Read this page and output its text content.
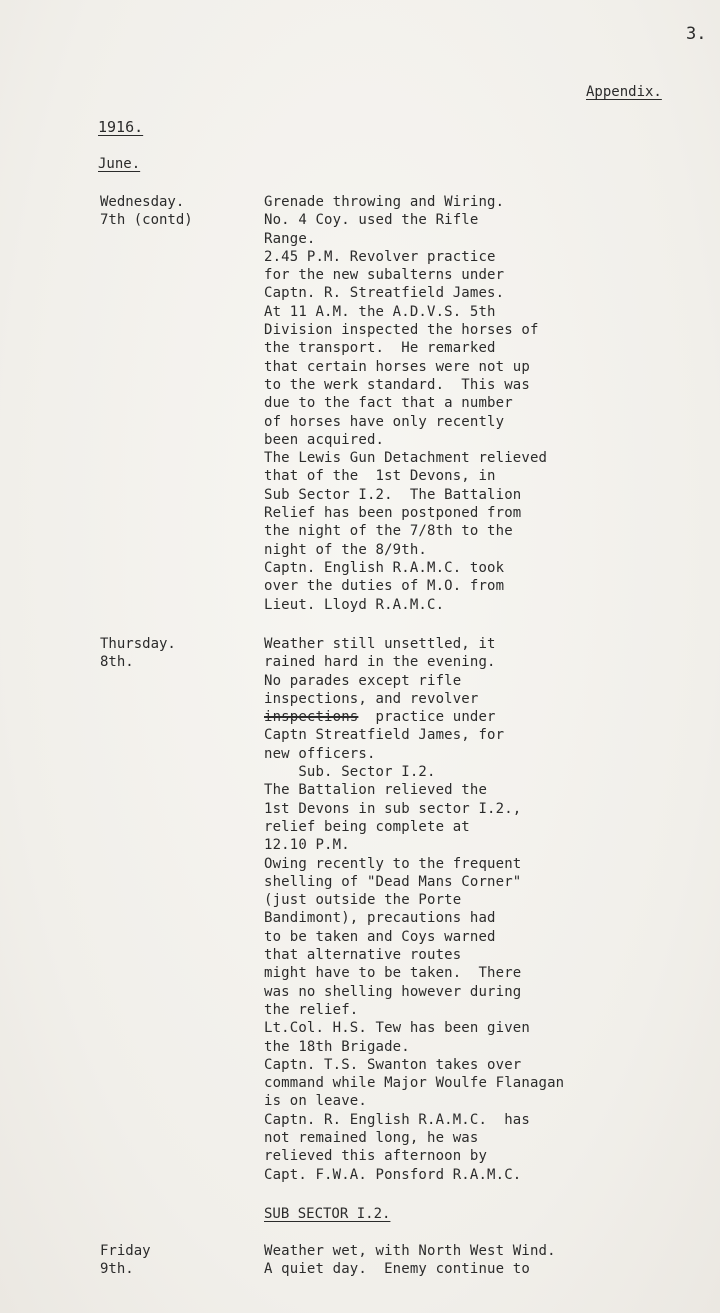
3.
Appendix.
1916.
June.
Wednesday.
7th (contd)
Grenade throwing and Wiring.
No. 4 Coy. used the Rifle
Range.
2.45 P.M. Revolver practice
for the new subalterns under
Captn. R. Streatfield James.
At 11 A.M. the A.D.V.S. 5th
Division inspected the horses of
the transport.  He remarked
that certain horses were not up
to the werk standard.  This was
due to the fact that a number
of horses have only recently
been acquired.
The Lewis Gun Detachment relieved
that of the  1st Devons, in
Sub Sector I.2.  The Battalion
Relief has been postponed from
the night of the 7/8th to the
night of the 8/9th.
Captn. English R.A.M.C. took
over the duties of M.O. from
Lieut. Lloyd R.A.M.C.
Thursday.
8th.
Weather still unsettled, it
rained hard in the evening.
No parades except rifle
inspections, and revolver
inspections  practice under
Captn Streatfield James, for
new officers.
Sub. Sector I.2.
The Battalion relieved the
1st Devons in sub sector I.2.,
relief being complete at
12.10 P.M.
Owing recently to the frequent
shelling of "Dead Mans Corner"
(just outside the Porte
Bandimont), precautions had
to be taken and Coys warned
that alternative routes
might have to be taken.  There
was no shelling however during
the relief.
Lt.Col. H.S. Tew has been given
the 18th Brigade.
Captn. T.S. Swanton takes over
command while Major Woulfe Flanagan
is on leave.
Captn. R. English R.A.M.C.  has
not remained long, he was
relieved this afternoon by
Capt. F.W.A. Ponsford R.A.M.C.
SUB SECTOR I.2.
Friday
9th.
Weather wet, with North West Wind.
A quiet day.  Enemy continue to
